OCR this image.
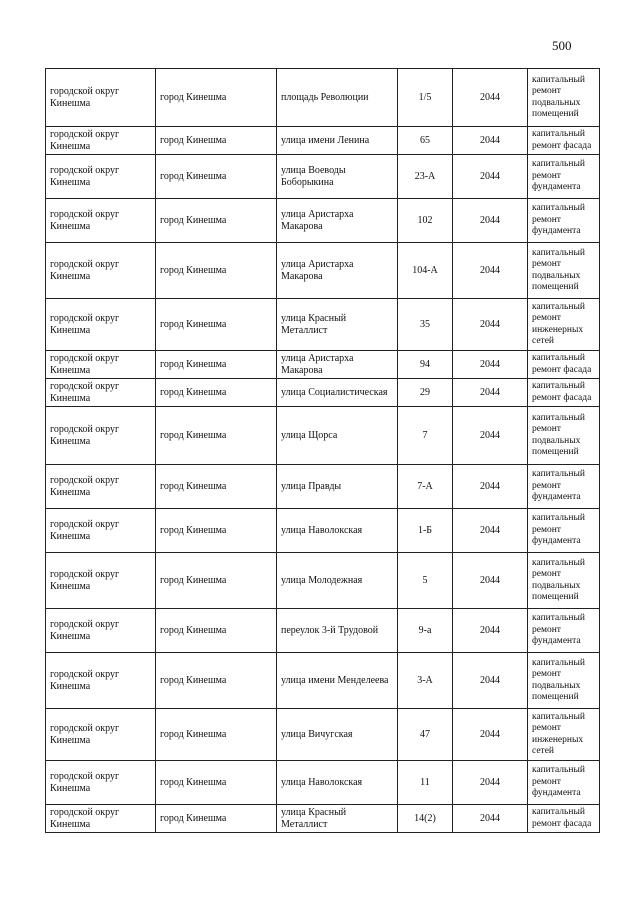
500
городской округ Кинешма	город Кинешма	площадь Революции	1/5	2044	капитальный ремонт подвальных помещений
городской округ Кинешма	город Кинешма	улица имени Ленина	65	2044	капитальный ремонт фасада
городской округ Кинешма	город Кинешма	улица Воеводы Боборыкина	23-А	2044	капитальный ремонт фундамента
городской округ Кинешма	город Кинешма	улица Аристарха Макарова	102	2044	капитальный ремонт фундамента
городской округ Кинешма	город Кинешма	улица Аристарха Макарова	104-А	2044	капитальный ремонт подвальных помещений
городской округ Кинешма	город Кинешма	улица Красный Металлист	35	2044	капитальный ремонт инженерных сетей
городской округ Кинешма	город Кинешма	улица Аристарха Макарова	94	2044	капитальный ремонт фасада
городской округ Кинешма	город Кинешма	улица Социалистическая	29	2044	капитальный ремонт фасада
городской округ Кинешма	город Кинешма	улица Щорса	7	2044	капитальный ремонт подвальных помещений
городской округ Кинешма	город Кинешма	улица Правды	7-А	2044	капитальный ремонт фундамента
городской округ Кинешма	город Кинешма	улица Наволокская	1-Б	2044	капитальный ремонт фундамента
городской округ Кинешма	город Кинешма	улица Молодежная	5	2044	капитальный ремонт подвальных помещений
городской округ Кинешма	город Кинешма	переулок 3-й Трудовой	9-а	2044	капитальный ремонт фундамента
городской округ Кинешма	город Кинешма	улица имени Менделеева	3-А	2044	капитальный ремонт подвальных помещений
городской округ Кинешма	город Кинешма	улица Вичугская	47	2044	капитальный ремонт инженерных сетей
городской округ Кинешма	город Кинешма	улица Наволокская	11	2044	капитальный ремонт фундамента
городской округ Кинешма	город Кинешма	улица Красный Металлист	14(2)	2044	капитальный ремонт фасада
